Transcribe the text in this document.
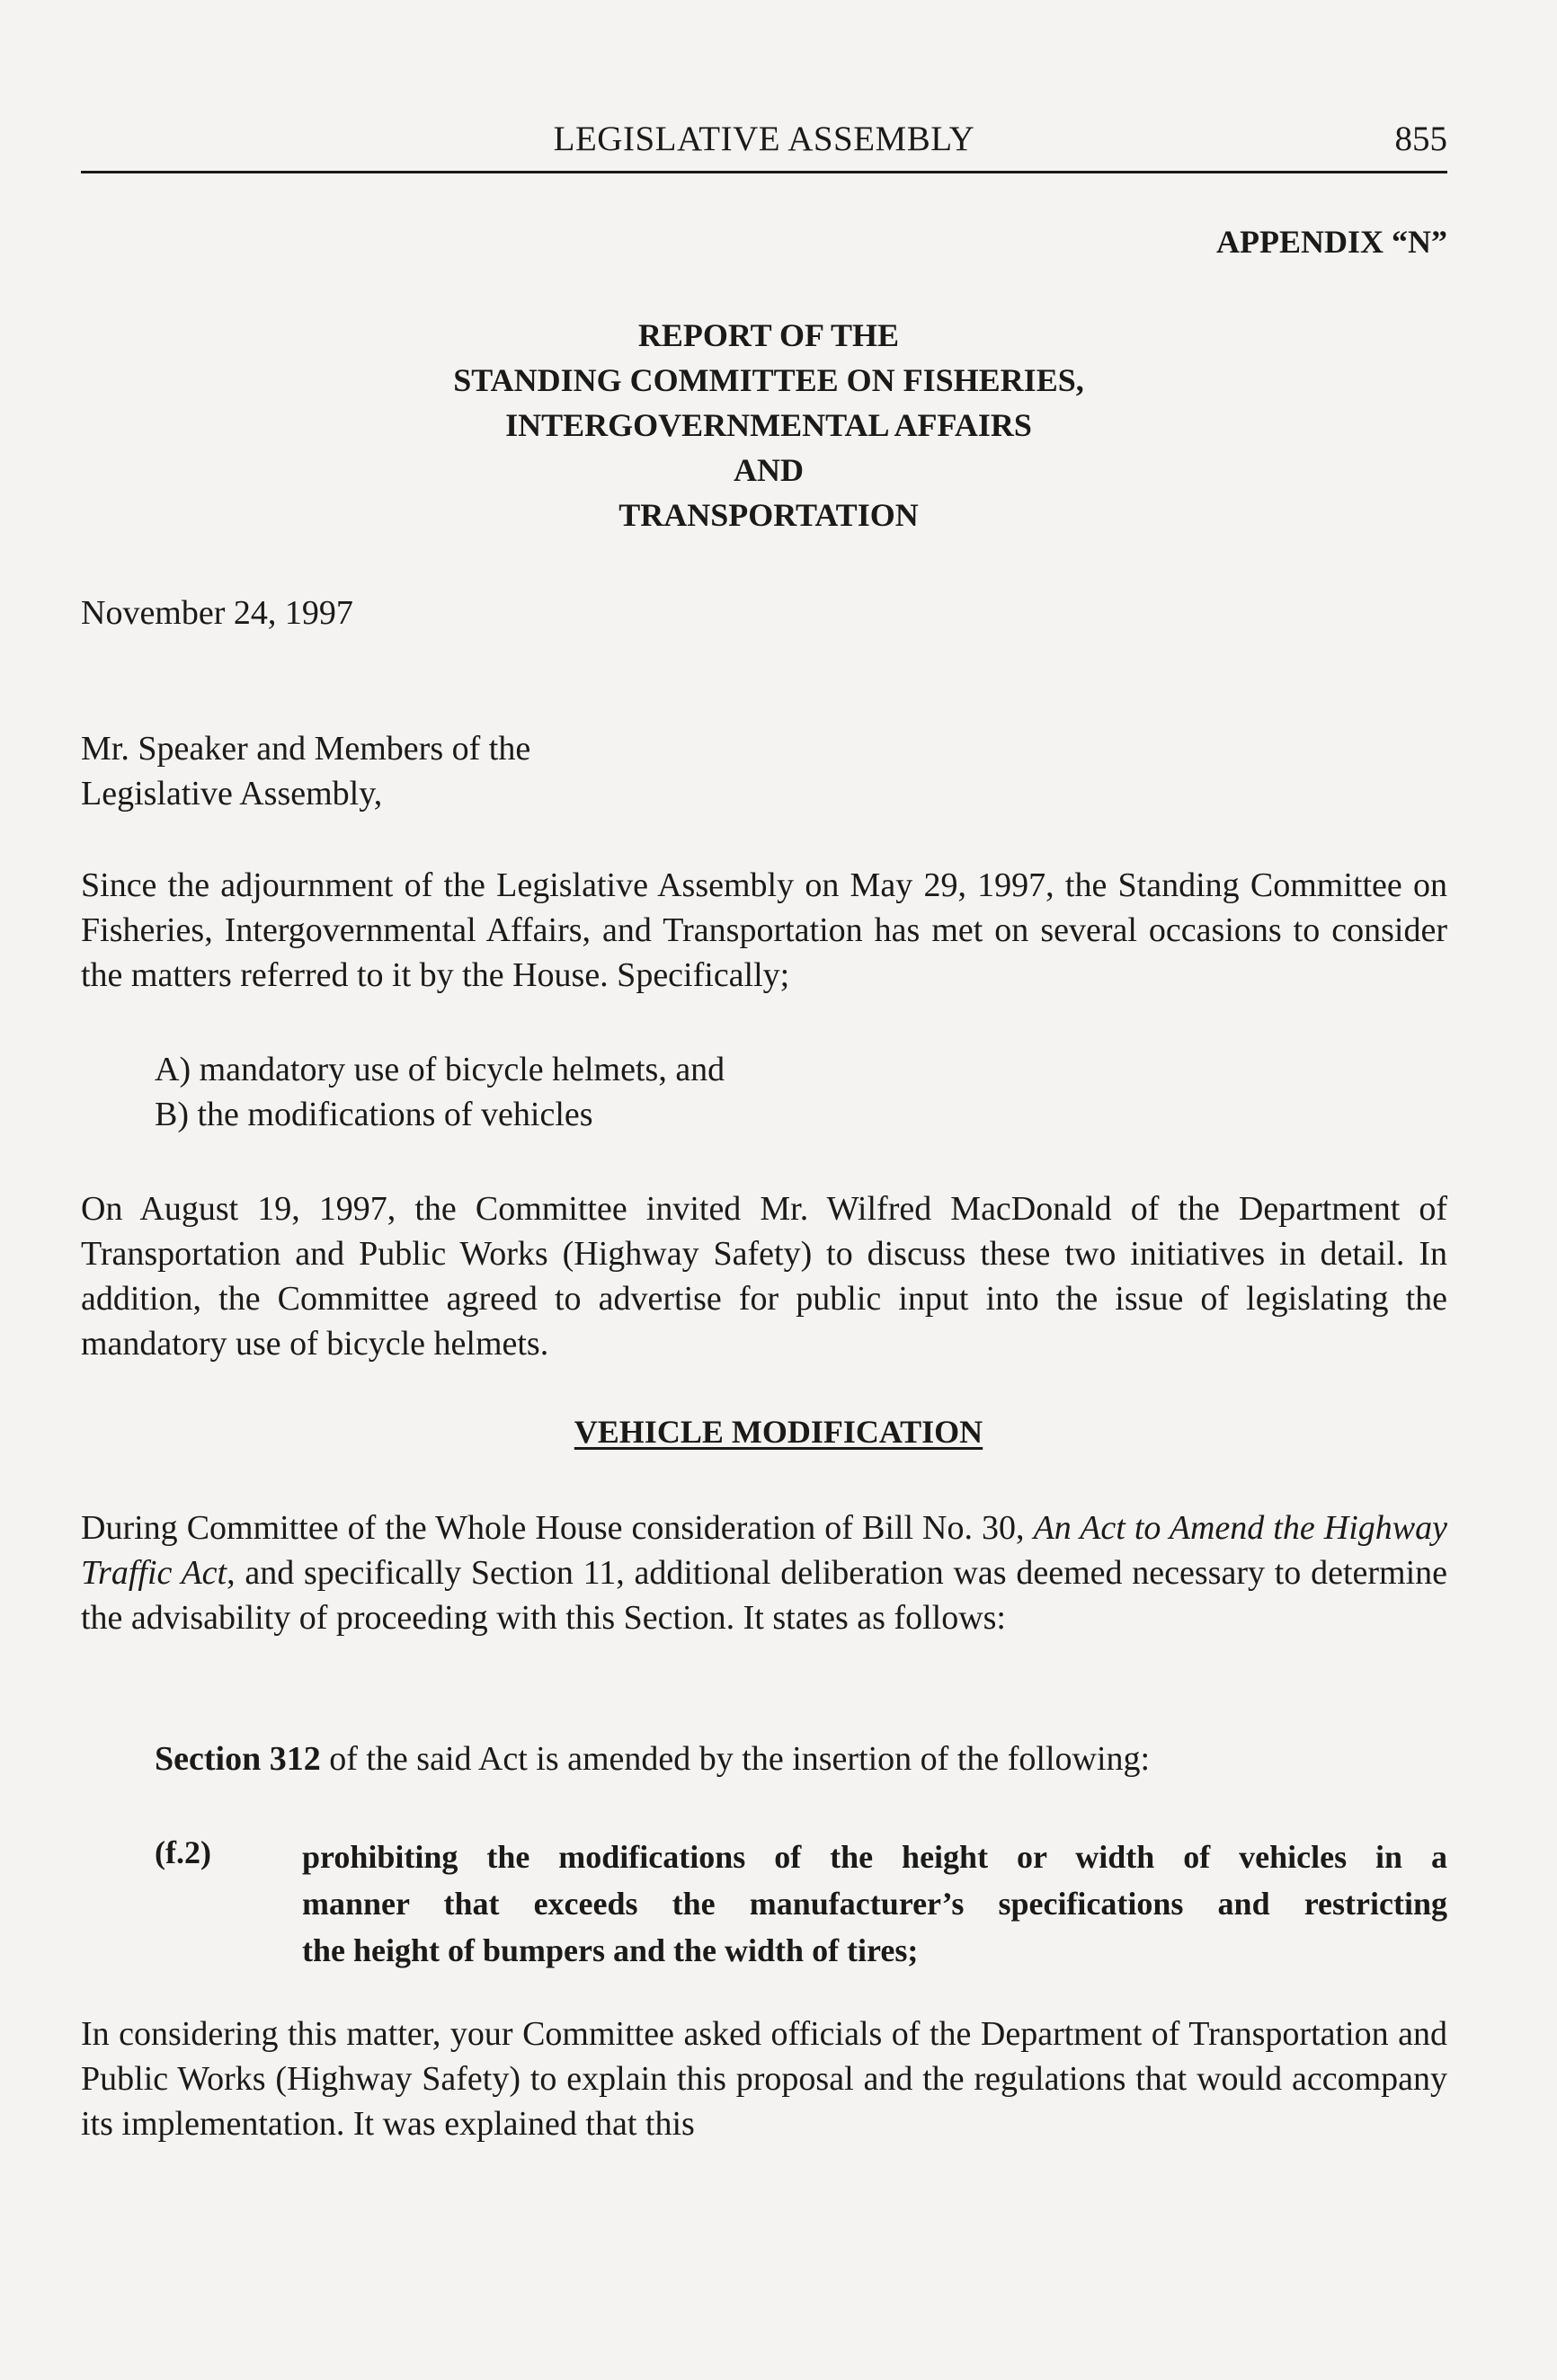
LEGISLATIVE ASSEMBLY	855
APPENDIX “N”
REPORT OF THE
STANDING COMMITTEE ON FISHERIES,
INTERGOVERNMENTAL AFFAIRS
AND
TRANSPORTATION
November 24, 1997
Mr. Speaker and Members of the
Legislative Assembly,
Since the adjournment of the Legislative Assembly on May 29, 1997, the Standing Committee on Fisheries, Intergovernmental Affairs, and Transportation has met on several occasions to consider the matters referred to it by the House. Specifically;
A) mandatory use of bicycle helmets, and
B) the modifications of vehicles
On August 19, 1997, the Committee invited Mr. Wilfred MacDonald of the Department of Transportation and Public Works (Highway Safety) to discuss these two initiatives in detail. In addition, the Committee agreed to advertise for public input into the issue of legislating the mandatory use of bicycle helmets.
VEHICLE MODIFICATION
During Committee of the Whole House consideration of Bill No. 30, An Act to Amend the Highway Traffic Act, and specifically Section 11, additional deliberation was deemed necessary to determine the advisability of proceeding with this Section. It states as follows:
Section 312 of the said Act is amended by the insertion of the following:
(f.2)	prohibiting the modifications of the height or width of vehicles in a
manner that exceeds the manufacturer’s specifications and restricting
the height of bumpers and the width of tires;
In considering this matter, your Committee asked officials of the Department of Transportation and Public Works (Highway Safety) to explain this proposal and the regulations that would accompany its implementation. It was explained that this
